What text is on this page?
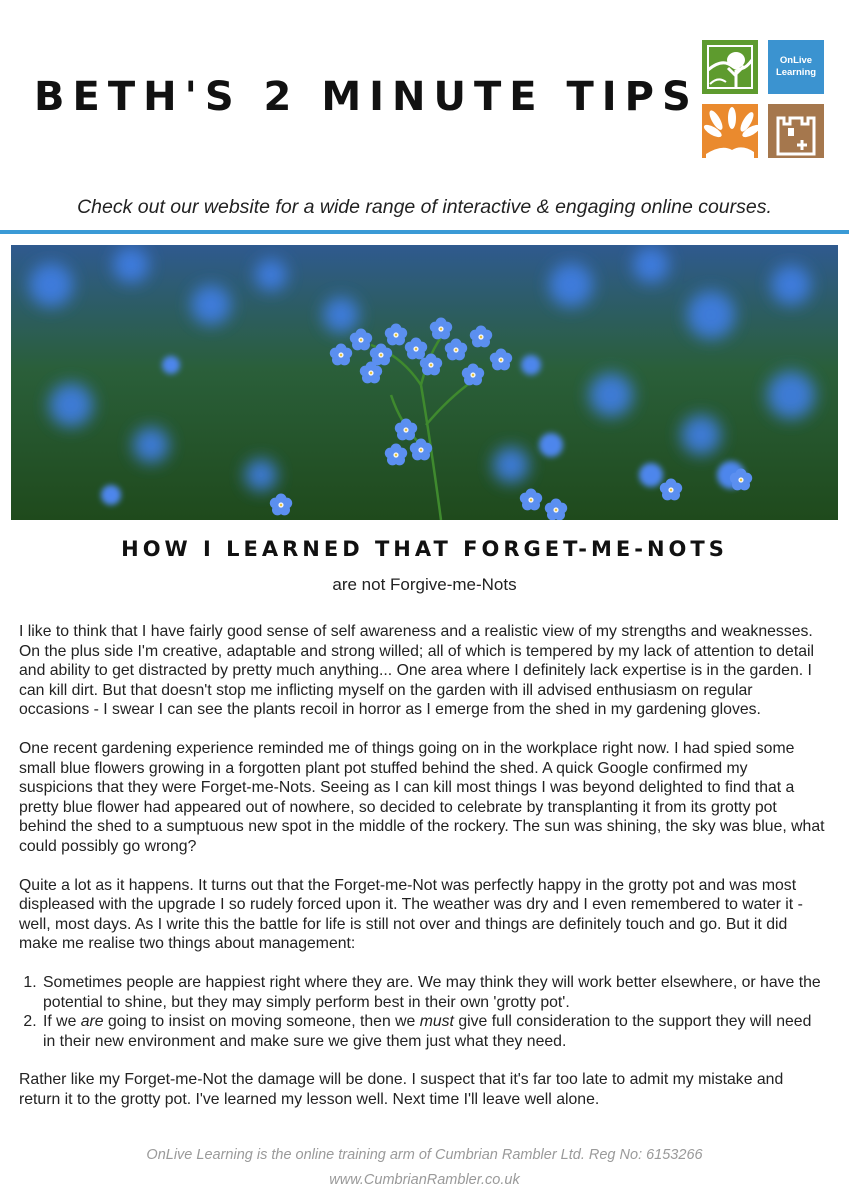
BETH'S 2 MINUTE TIPS
OnLive Learning

Check out our website for a wide range of interactive & engaging online courses.

HOW I LEARNED THAT FORGET-ME-NOTS

are not Forgive-me-Nots

I like to think that I have fairly good sense of self awareness and a realistic view of my strengths and weaknesses. On the plus side I'm creative, adaptable and strong willed; all of which is tempered by my lack of attention to detail and ability to get distracted by pretty much anything... One area where I definitely lack expertise is in the garden. I can kill dirt. But that doesn't stop me inflicting myself on the garden with ill advised enthusiasm on regular occasions - I swear I can see the plants recoil in horror as I emerge from the shed in my gardening gloves.

One recent gardening experience reminded me of things going on in the workplace right now. I had spied some small blue flowers growing in a forgotten plant pot stuffed behind the shed. A quick Google confirmed my suspicions that they were Forget-me-Nots. Seeing as I can kill most things I was beyond delighted to find that a pretty blue flower had appeared out of nowhere, so decided to celebrate by transplanting it from its grotty pot behind the shed to a sumptuous new spot in the middle of the rockery. The sun was shining, the sky was blue, what could possibly go wrong?

Quite a lot as it happens. It turns out that the Forget-me-Not was perfectly happy in the grotty pot and was most displeased with the upgrade I so rudely forced upon it. The weather was dry and I even remembered to water it - well, most days. As I write this the battle for life is still not over and things are definitely touch and go. But it did make me realise two things about management:

1. Sometimes people are happiest right where they are. We may think they will work better elsewhere, or have the potential to shine, but they may simply perform best in their own 'grotty pot'.
2. If we are going to insist on moving someone, then we must give full consideration to the support they will need in their new environment and make sure we give them just what they need.

Rather like my Forget-me-Not the damage will be done. I suspect that it's far too late to admit my mistake and return it to the grotty pot. I've learned my lesson well. Next time I'll leave well alone.

OnLive Learning is the online training arm of Cumbrian Rambler Ltd. Reg No: 6153266

www.CumbrianRambler.co.uk
